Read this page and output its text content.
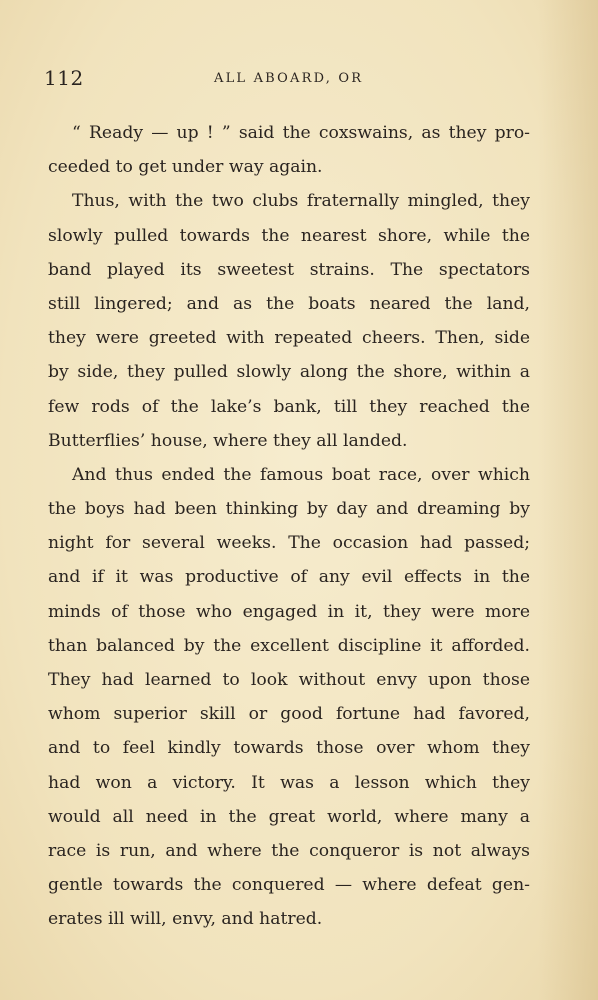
112	ALL ABOARD, OR
“ Ready — up ! ” said the coxswains, as they pro-
ceeded to get under way again.
Thus, with the two clubs fraternally mingled, they
slowly pulled towards the nearest shore, while the
band played its sweetest strains. The spectators
still lingered; and as the boats neared the land,
they were greeted with repeated cheers. Then, side
by side, they pulled slowly along the shore, within a
few rods of the lake’s bank, till they reached the
Butterflies’ house, where they all landed.
And thus ended the famous boat race, over which
the boys had been thinking by day and dreaming by
night for several weeks. The occasion had passed;
and if it was productive of any evil effects in the
minds of those who engaged in it, they were more
than balanced by the excellent discipline it afforded.
They had learned to look without envy upon those
whom superior skill or good fortune had favored,
and to feel kindly towards those over whom they
had won a victory. It was a lesson which they
would all need in the great world, where many a
race is run, and where the conqueror is not always
gentle towards the conquered — where defeat gen-
erates ill will, envy, and hatred.
